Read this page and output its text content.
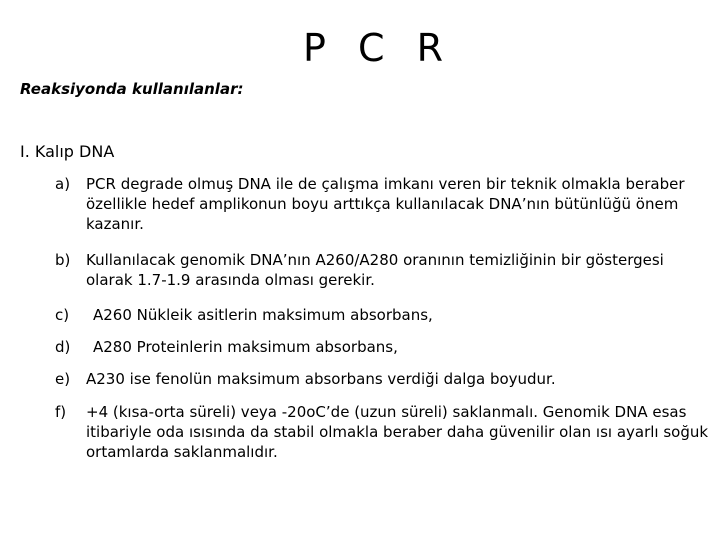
P C R
Reaksiyonda kullanılanlar:
I. Kalıp DNA
a)	PCR degrade olmuş DNA ile de çalışma imkanı veren bir teknik olmakla beraber özellikle hedef amplikonun boyu arttıkça kullanılacak DNA’nın bütünlüğü önem kazanır.
b)	Kullanılacak genomik DNA’nın A260/A280 oranının temizliğinin bir göstergesi olarak 1.7-1.9 arasında olması gerekir.
c)	A260 Nükleik asitlerin maksimum absorbans,
d)	A280 Proteinlerin maksimum absorbans,
e)	A230 ise fenolün maksimum absorbans verdiği dalga boyudur.
f)	+4 (kısa-orta süreli) veya -20oC’de (uzun süreli) saklanmalı. Genomik DNA esas itibariyle oda ısısında da stabil olmakla beraber daha güvenilir olan ısı ayarlı soğuk ortamlarda saklanmalıdır.
